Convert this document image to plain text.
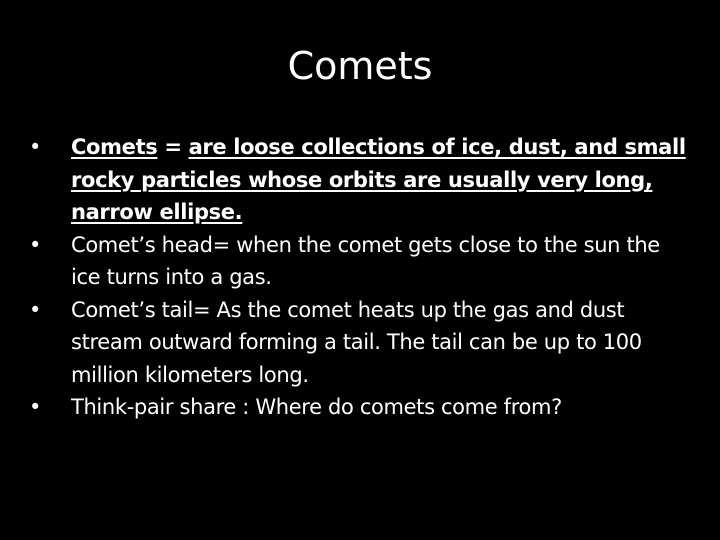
Comets
•	Comets = are loose collections of ice, dust, and small rocky particles whose orbits are usually very long, narrow ellipse.
•	Comet’s head= when the comet gets close to the sun the ice turns into a gas.
•	Comet’s tail= As the comet heats up the gas and dust stream outward forming a tail. The tail can be up to 100 million kilometers long.
•	Think-pair share : Where do comets come from?
